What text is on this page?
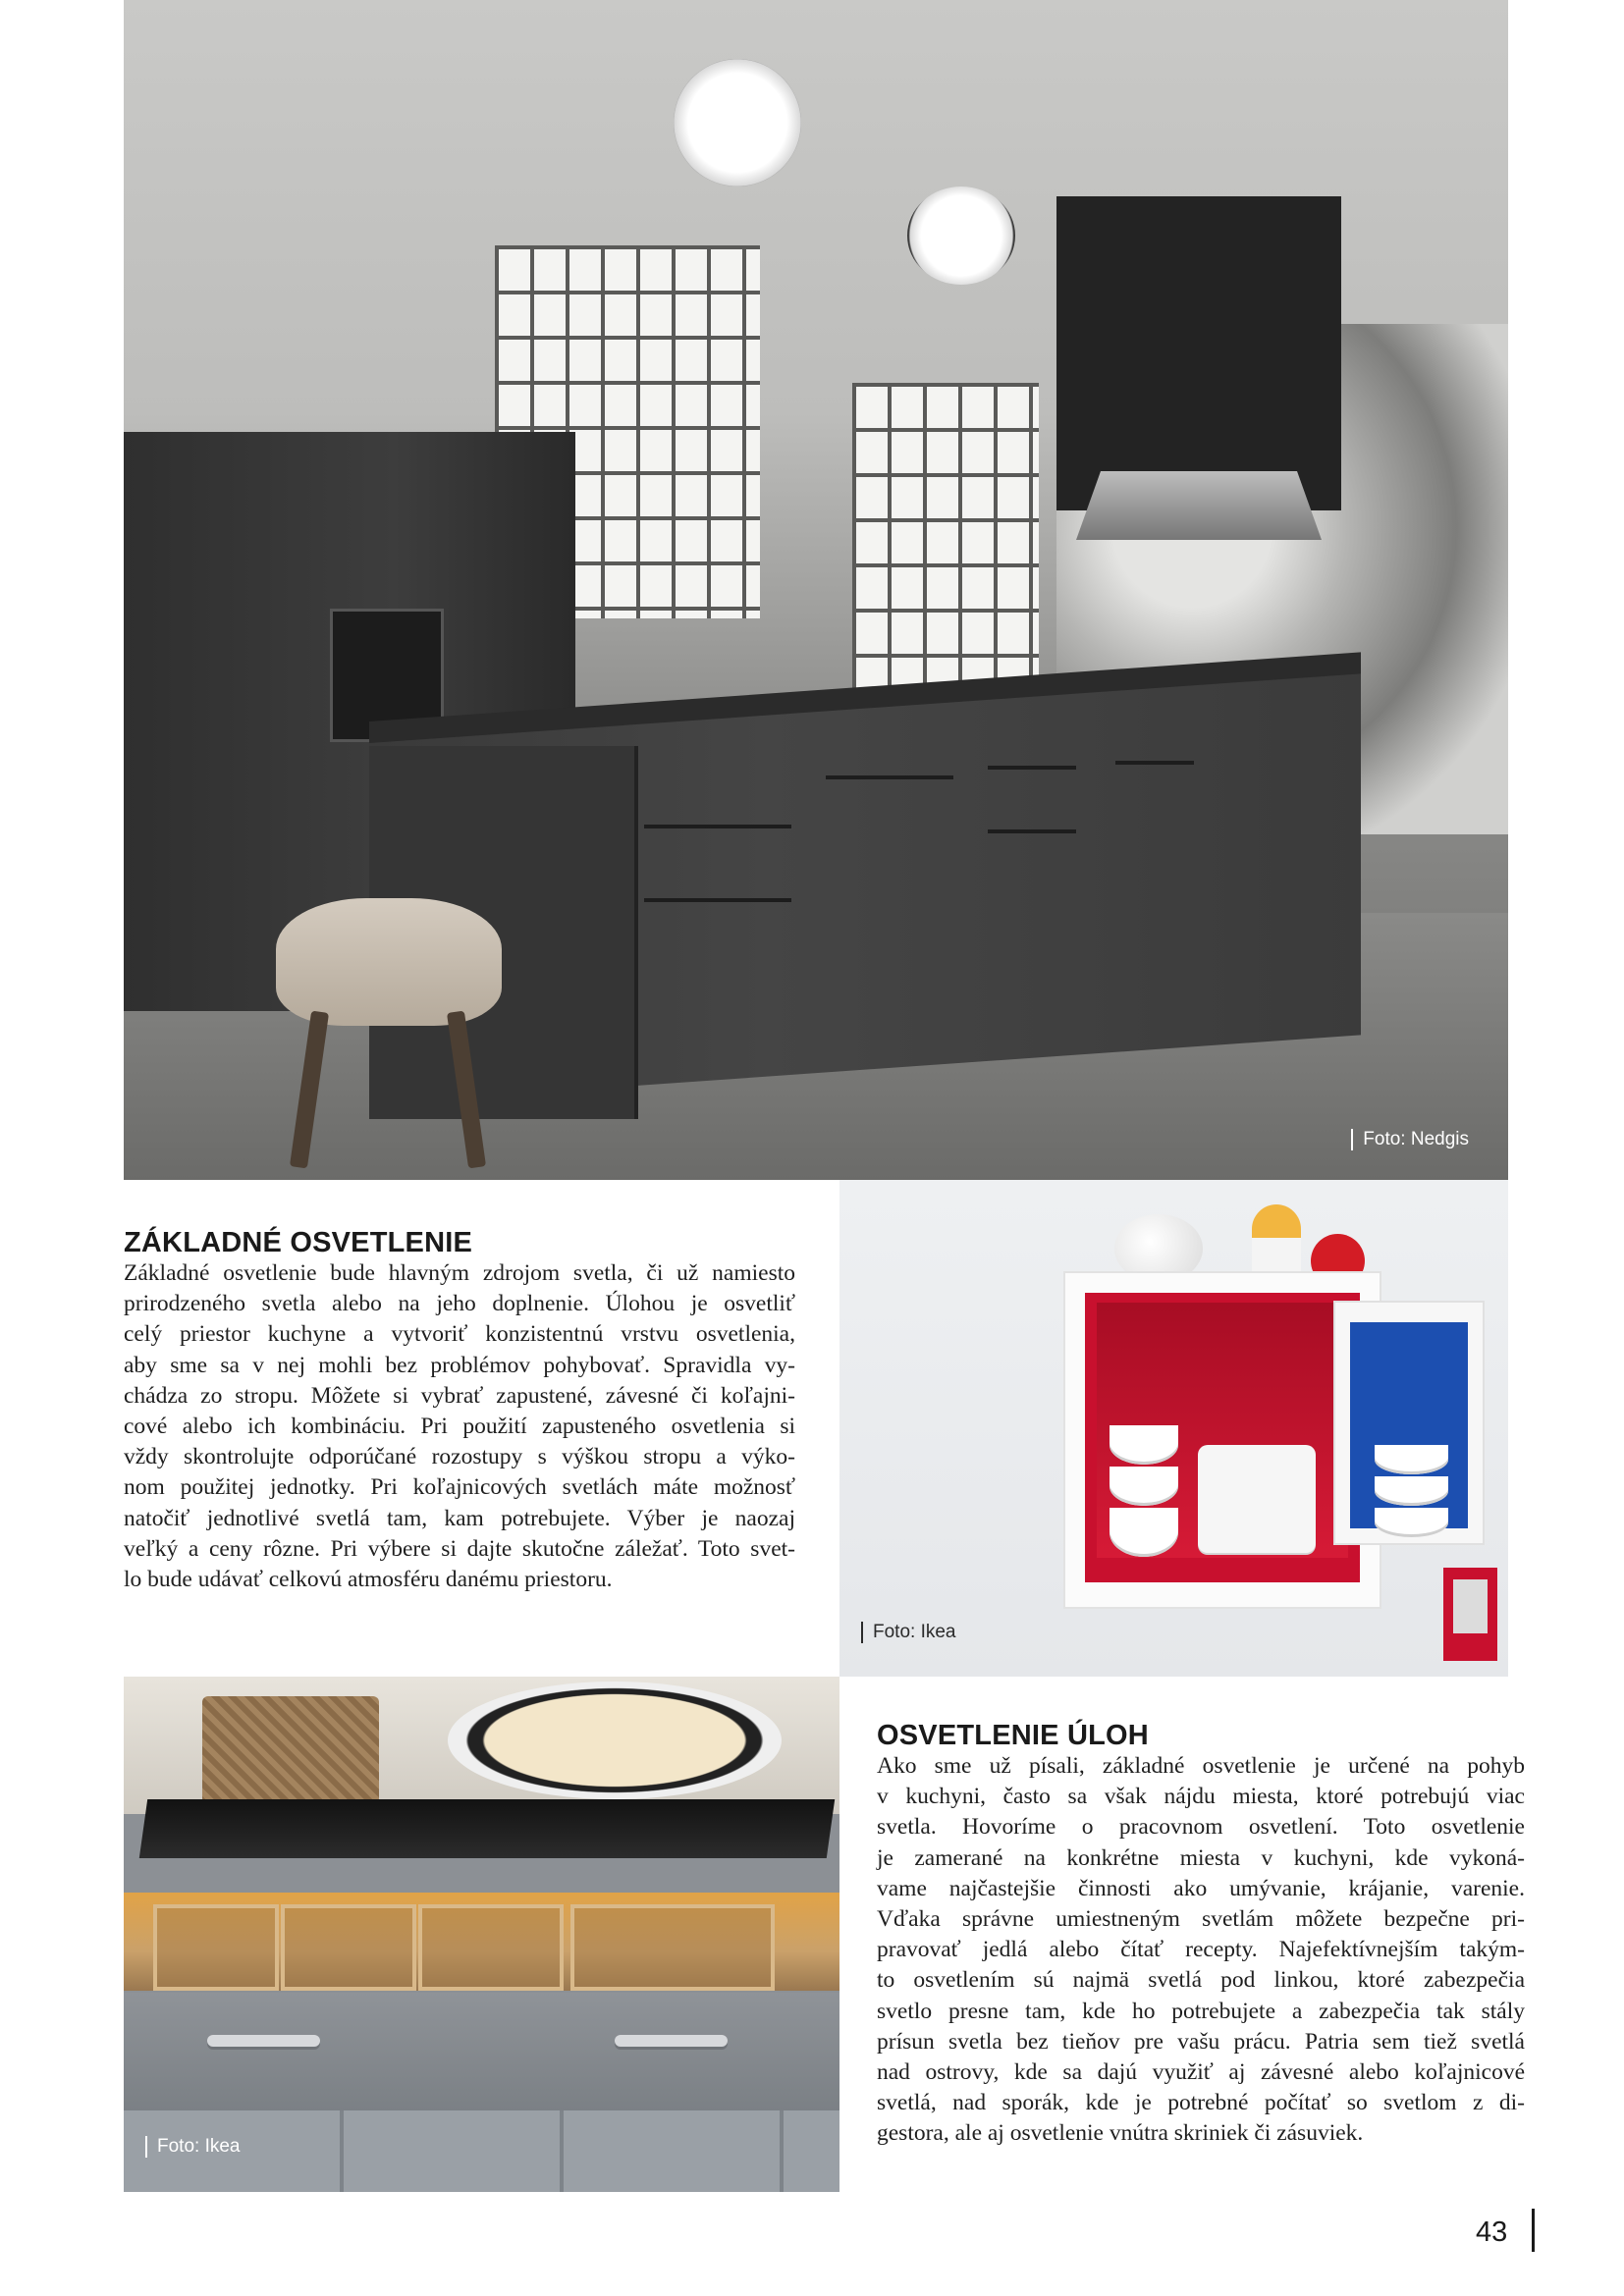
Foto: Nedgis
Foto: Ikea
Foto: Ikea
ZÁKLADNÉ OSVETLENIE
Základné osvetlenie bude hlavným zdrojom svetla, či už namiesto
prirodzeného svetla alebo na jeho doplnenie. Úlohou je osvetliť
celý priestor kuchyne a vytvoriť konzistentnú vrstvu osvetlenia,
aby sme sa v nej mohli bez problémov pohybovať. Spravidla vy-
chádza zo stropu. Môžete si vybrať zapustené, závesné či koľajni-
cové alebo ich kombináciu. Pri použití zapusteného osvetlenia si
vždy skontrolujte odporúčané rozostupy s výškou stropu a výko-
nom použitej jednotky. Pri koľajnicových svetlách máte možnosť
natočiť jednotlivé svetlá tam, kam potrebujete. Výber je naozaj
veľký a ceny rôzne. Pri výbere si dajte skutočne záležať. Toto svet-
lo bude udávať celkovú atmosféru danému priestoru.
OSVETLENIE ÚLOH
Ako sme už písali, základné osvetlenie je určené na pohyb
v kuchyni, často sa však nájdu miesta, ktoré potrebujú viac
svetla. Hovoríme o pracovnom osvetlení. Toto osvetlenie
je zamerané na konkrétne miesta v kuchyni, kde vykoná-
vame najčastejšie činnosti ako umývanie, krájanie, varenie.
Vďaka správne umiestneným svetlám môžete bezpečne pri-
pravovať jedlá alebo čítať recepty. Najefektívnejším takým-
to osvetlením sú najmä svetlá pod linkou, ktoré zabezpečia
svetlo presne tam, kde ho potrebujete a zabezpečia tak stály
prísun svetla bez tieňov pre vašu prácu. Patria sem tiež svetlá
nad ostrovy, kde sa dajú využiť aj závesné alebo koľajnicové
svetlá, nad sporák, kde je potrebné počítať so svetlom z di-
gestora, ale aj osvetlenie vnútra skriniek či zásuviek.
43
